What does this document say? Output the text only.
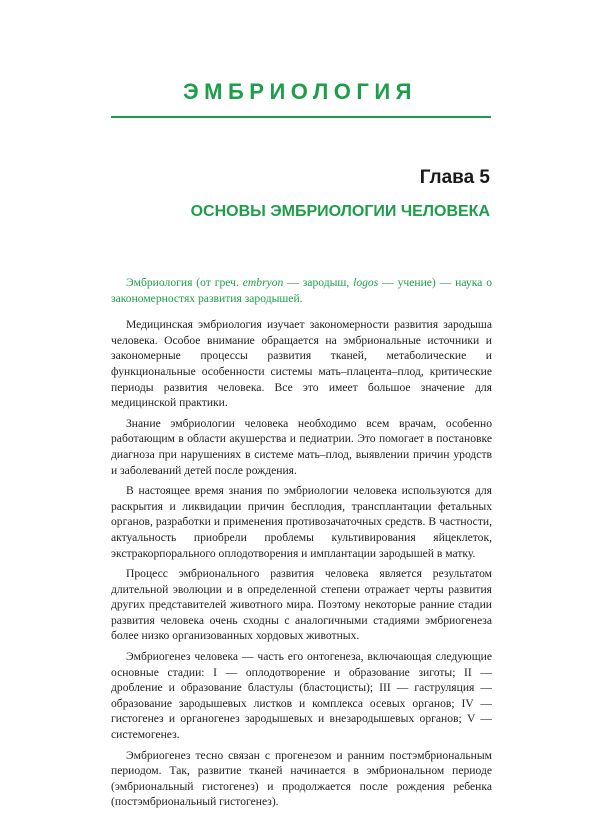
ЭМБРИОЛОГИЯ
Глава 5
ОСНОВЫ ЭМБРИОЛОГИИ ЧЕЛОВЕКА

Эмбриология (от греч. embryon — зародыш, logos — учение) — наука о закономерностях развития зародышей.

Медицинская эмбриология изучает закономерности развития зародыша человека. Особое внимание обращается на эмбриональные источники и закономерные процессы развития тканей, метаболические и функциональные особенности системы мать–плацента–плод, критические периоды развития человека. Все это имеет большое значение для медицинской практики.

Знание эмбриологии человека необходимо всем врачам, особенно работающим в области акушерства и педиатрии. Это помогает в постановке диагноза при нарушениях в системе мать–плод, выявлении причин уродств и заболеваний детей после рождения.

В настоящее время знания по эмбриологии человека используются для раскрытия и ликвидации причин бесплодия, трансплантации фетальных органов, разработки и применения противозачаточных средств. В частности, актуальность приобрели проблемы культивирования яйцеклеток, экстракорпорального оплодотворения и имплантации зародышей в матку.

Процесс эмбрионального развития человека является результатом длительной эволюции и в определенной степени отражает черты развития других представителей животного мира. Поэтому некоторые ранние стадии развития человека очень сходны с аналогичными стадиями эмбриогенеза более низко организованных хордовых животных.

Эмбриогенез человека — часть его онтогенеза, включающая следующие основные стадии: I — оплодотворение и образование зиготы; II — дробление и образование бластулы (бластоцисты); III — гаструляция — образование зародышевых листков и комплекса осевых органов; IV — гистогенез и органогенез зародышевых и внезародышевых органов; V — системогенез.

Эмбриогенез тесно связан с прогенезом и ранним постэмбриональным периодом. Так, развитие тканей начинается в эмбриональном периоде (эмбриональный гистогенез) и продолжается после рождения ребенка (постэмбриональный гистогенез).
